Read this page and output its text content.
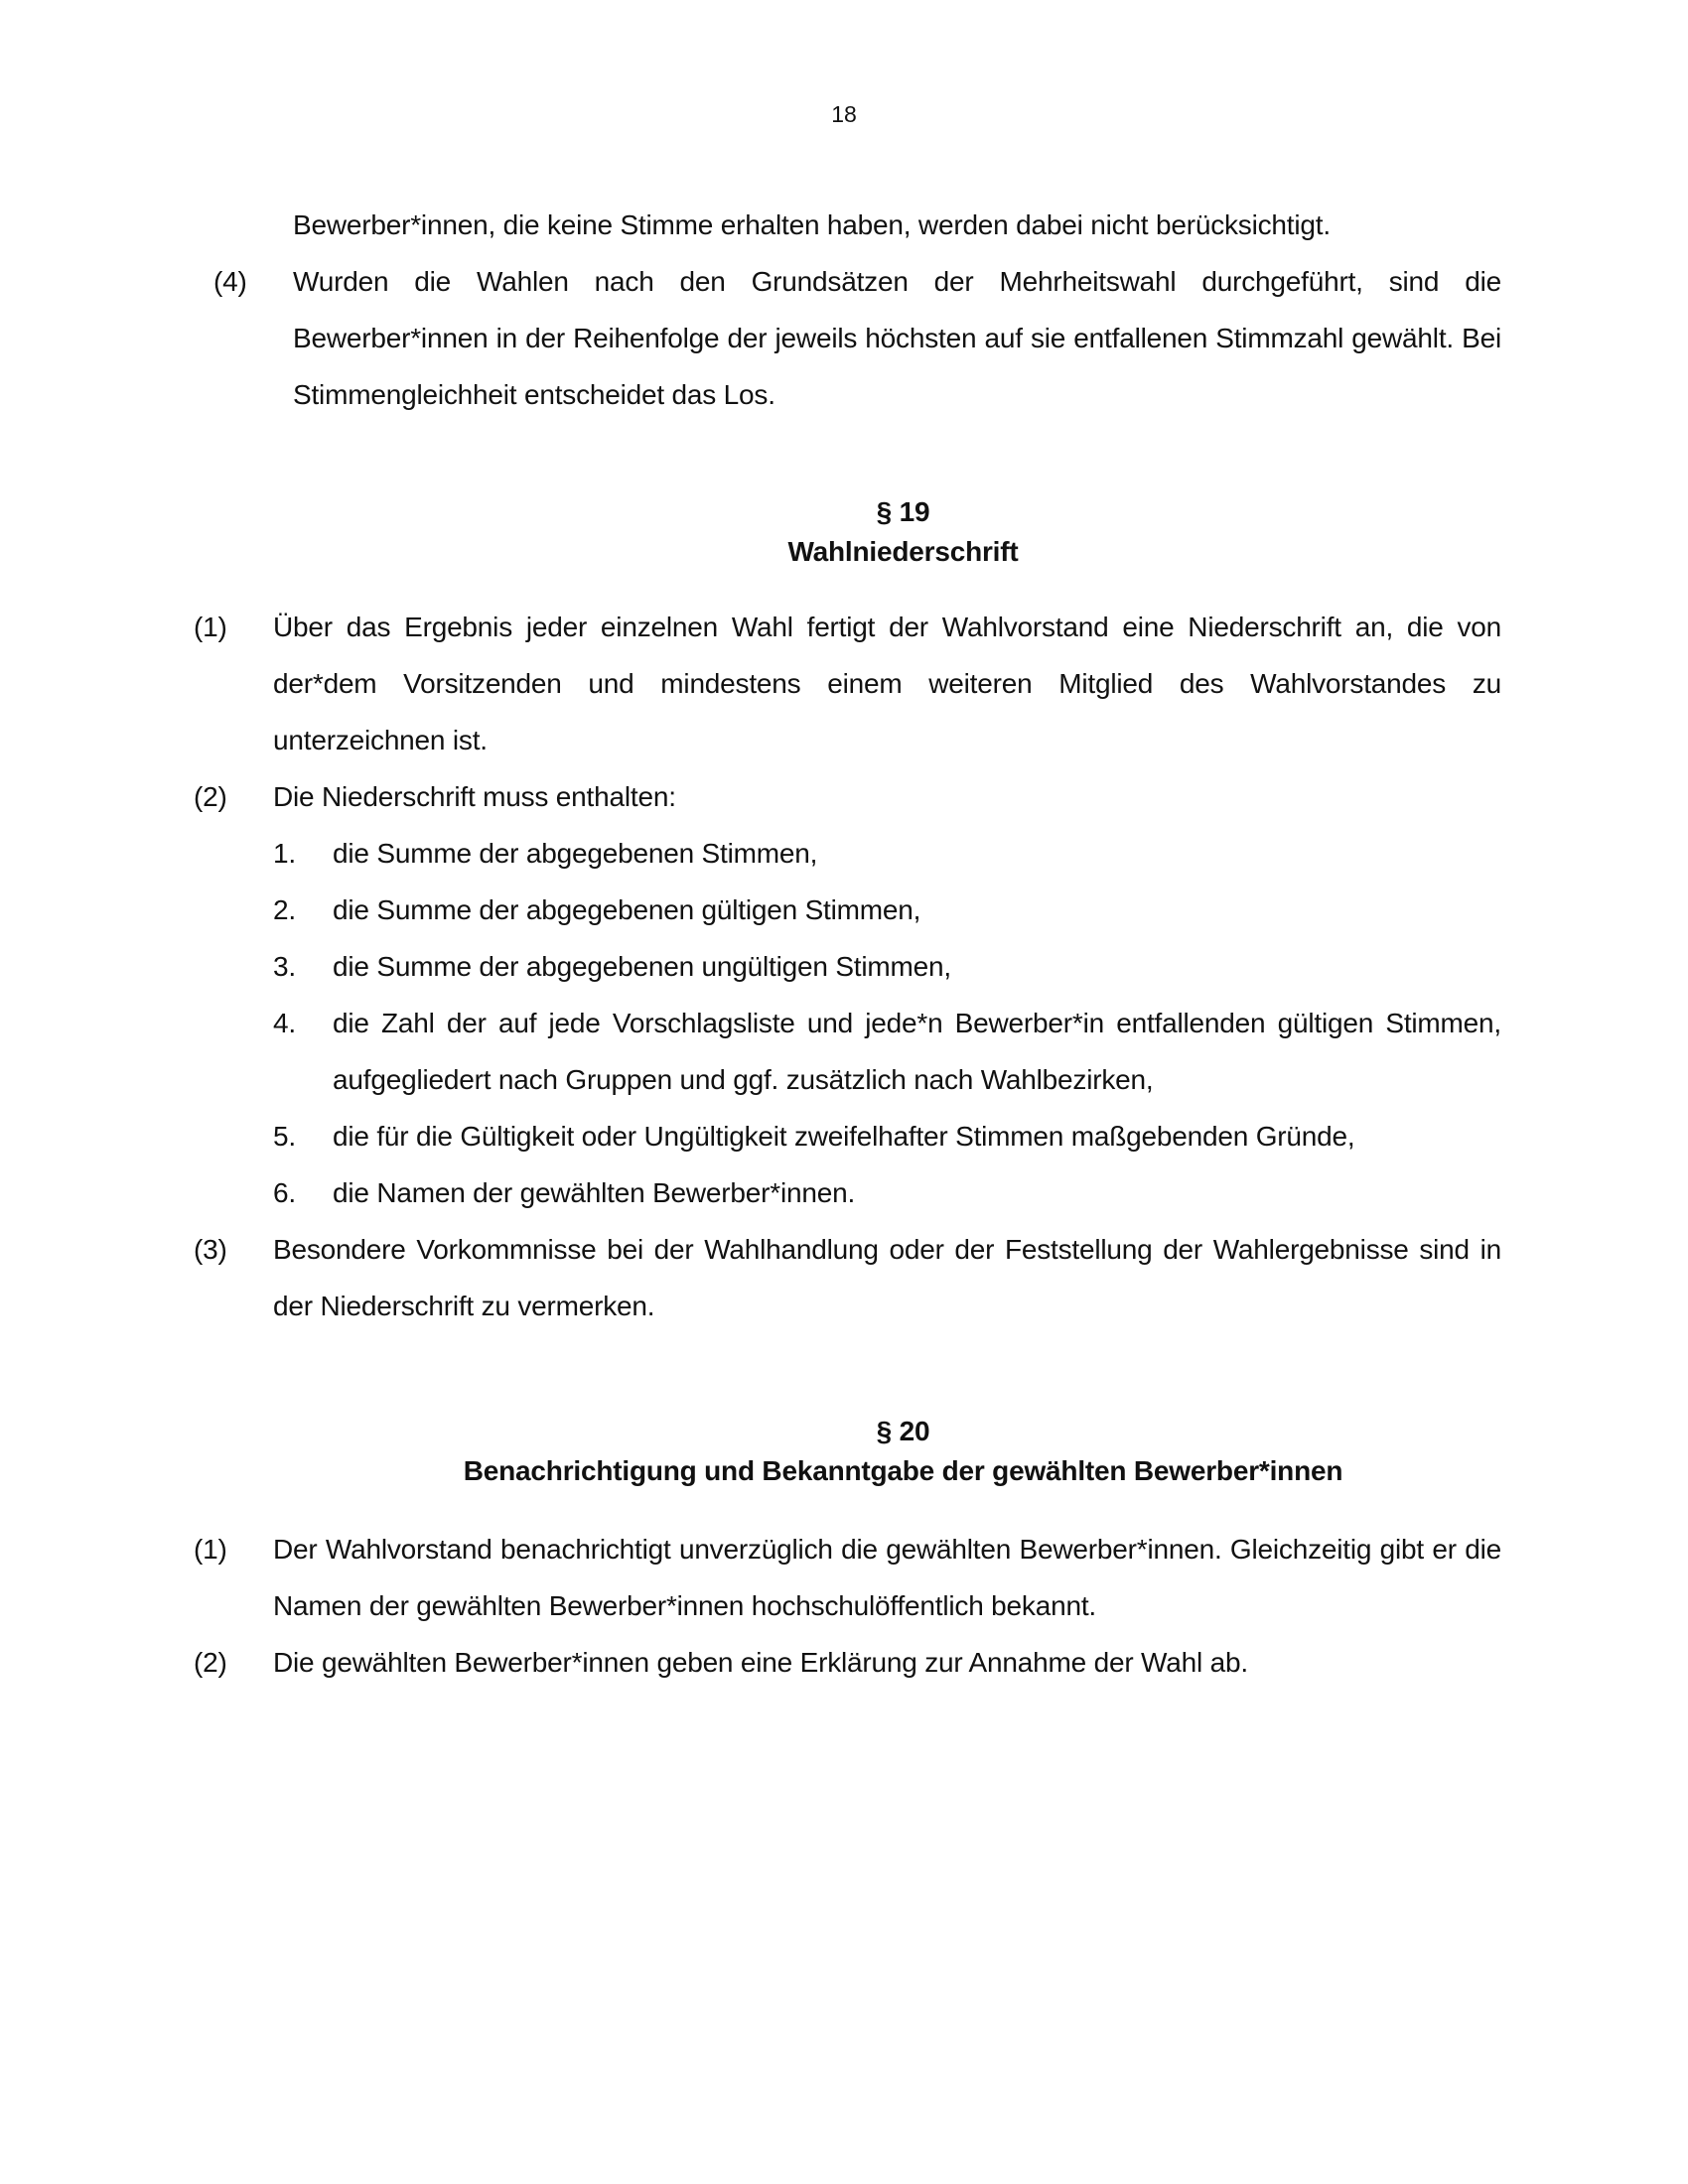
18
Bewerber*innen, die keine Stimme erhalten haben, werden dabei nicht berücksichtigt.
(4) Wurden die Wahlen nach den Grundsätzen der Mehrheitswahl durchgeführt, sind die Bewerber*innen in der Reihenfolge der jeweils höchsten auf sie entfallenen Stimmzahl gewählt. Bei Stimmengleichheit entscheidet das Los.
§ 19
Wahlniederschrift
(1) Über das Ergebnis jeder einzelnen Wahl fertigt der Wahlvorstand eine Niederschrift an, die von der*dem Vorsitzenden und mindestens einem weiteren Mitglied des Wahlvorstandes zu unterzeichnen ist.
(2) Die Niederschrift muss enthalten:
1. die Summe der abgegebenen Stimmen,
2. die Summe der abgegebenen gültigen Stimmen,
3. die Summe der abgegebenen ungültigen Stimmen,
4. die Zahl der auf jede Vorschlagsliste und jede*n Bewerber*in entfallenden gültigen Stimmen, aufgegliedert nach Gruppen und ggf. zusätzlich nach Wahlbezirken,
5. die für die Gültigkeit oder Ungültigkeit zweifelhafter Stimmen maßgebenden Gründe,
6. die Namen der gewählten Bewerber*innen.
(3) Besondere Vorkommnisse bei der Wahlhandlung oder der Feststellung der Wahlergebnisse sind in der Niederschrift zu vermerken.
§ 20
Benachrichtigung und Bekanntgabe der gewählten Bewerber*innen
(1) Der Wahlvorstand benachrichtigt unverzüglich die gewählten Bewerber*innen. Gleichzeitig gibt er die Namen der gewählten Bewerber*innen hochschulöffentlich bekannt.
(2) Die gewählten Bewerber*innen geben eine Erklärung zur Annahme der Wahl ab.
